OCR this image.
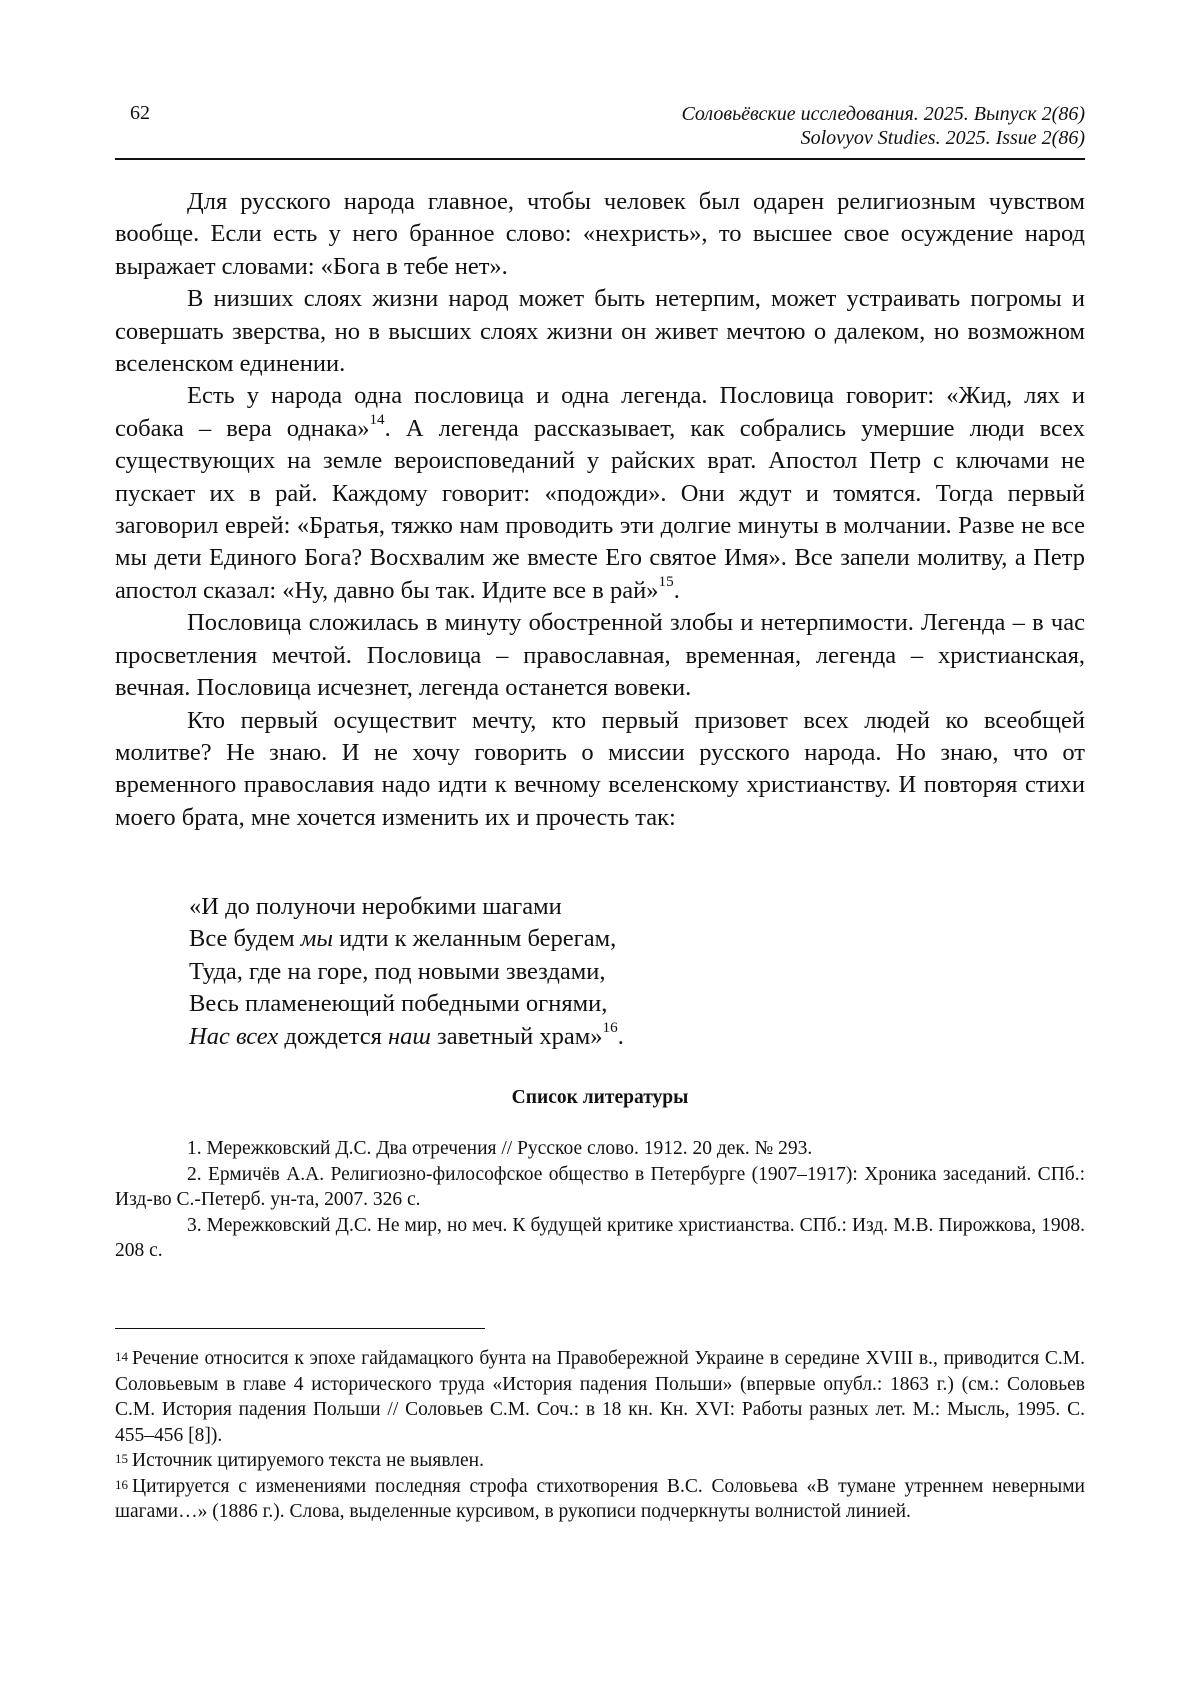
62	Соловьёвские исследования. 2025. Выпуск 2(86)
Solovyov Studies. 2025. Issue 2(86)

Для русского народа главное, чтобы человек был одарен религиозным чувством вообще. Если есть у него бранное слово: «нехристь», то высшее свое осуждение народ выражает словами: «Бога в тебе нет».

В низших слоях жизни народ может быть нетерпим, может устраивать погромы и совершать зверства, но в высших слоях жизни он живет мечтою о далеком, но возможном вселенском единении.

Есть у народа одна пословица и одна легенда. Пословица говорит: «Жид, лях и собака – вера однака»$^{14}$. А легенда рассказывает, как собрались умершие люди всех существующих на земле вероисповеданий у райских врат. Апостол Петр с ключами не пускает их в рай. Каждому говорит: «подожди». Они ждут и томятся. Тогда первый заговорил еврей: «Братья, тяжко нам проводить эти долгие минуты в молчании. Разве не все мы дети Единого Бога? Восхвалим же вместе Его святое Имя». Все запели молитву, а Петр апостол сказал: «Ну, давно бы так. Идите все в рай»$^{15}$.

Пословица сложилась в минуту обостренной злобы и нетерпимости. Легенда – в час просветления мечтой. Пословица – православная, временная, легенда – христианская, вечная. Пословица исчезнет, легенда останется вовеки.

Кто первый осуществит мечту, кто первый призовет всех людей ко всеобщей молитве? Не знаю. И не хочу говорить о миссии русского народа. Но знаю, что от временного православия надо идти к вечному вселенскому христианству. И повторяя стихи моего брата, мне хочется изменить их и прочесть так:

«И до полуночи неробкими шагами
Все будем мы идти к желанным берегам,
Туда, где на горе, под новыми звездами,
Весь пламенеющий победными огнями,
Нас всех дождется наш заветный храм»$^{16}$.
Список литературы

1. Мережковский Д.С. Два отречения // Русское слово. 1912. 20 дек. № 293.

2. Ермичёв А.А. Религиозно-философское общество в Петербурге (1907–1917): Хроника заседаний. СПб.: Изд-во С.-Петерб. ун-та, 2007. 326 с.

3. Мережковский Д.С. Не мир, но меч. К будущей критике христианства. СПб.: Изд. М.В. Пирожкова, 1908. 208 с.

$^{14}$ Речение относится к эпохе гайдамацкого бунта на Правобережной Украине в середине XVIII в., приводится С.М. Соловьевым в главе 4 исторического труда «История падения Польши» (впервые опубл.: 1863 г.) (см.: Соловьев С.М. История падения Польши // Соловьев С.М. Соч.: в 18 кн. Кн. XVI: Работы разных лет. М.: Мысль, 1995. С. 455–456 [8]).

$^{15}$ Источник цитируемого текста не выявлен.

$^{16}$ Цитируется с изменениями последняя строфа стихотворения В.С. Соловьева «В тумане утреннем неверными шагами…» (1886 г.). Слова, выделенные курсивом, в рукописи подчеркнуты волнистой линией.
